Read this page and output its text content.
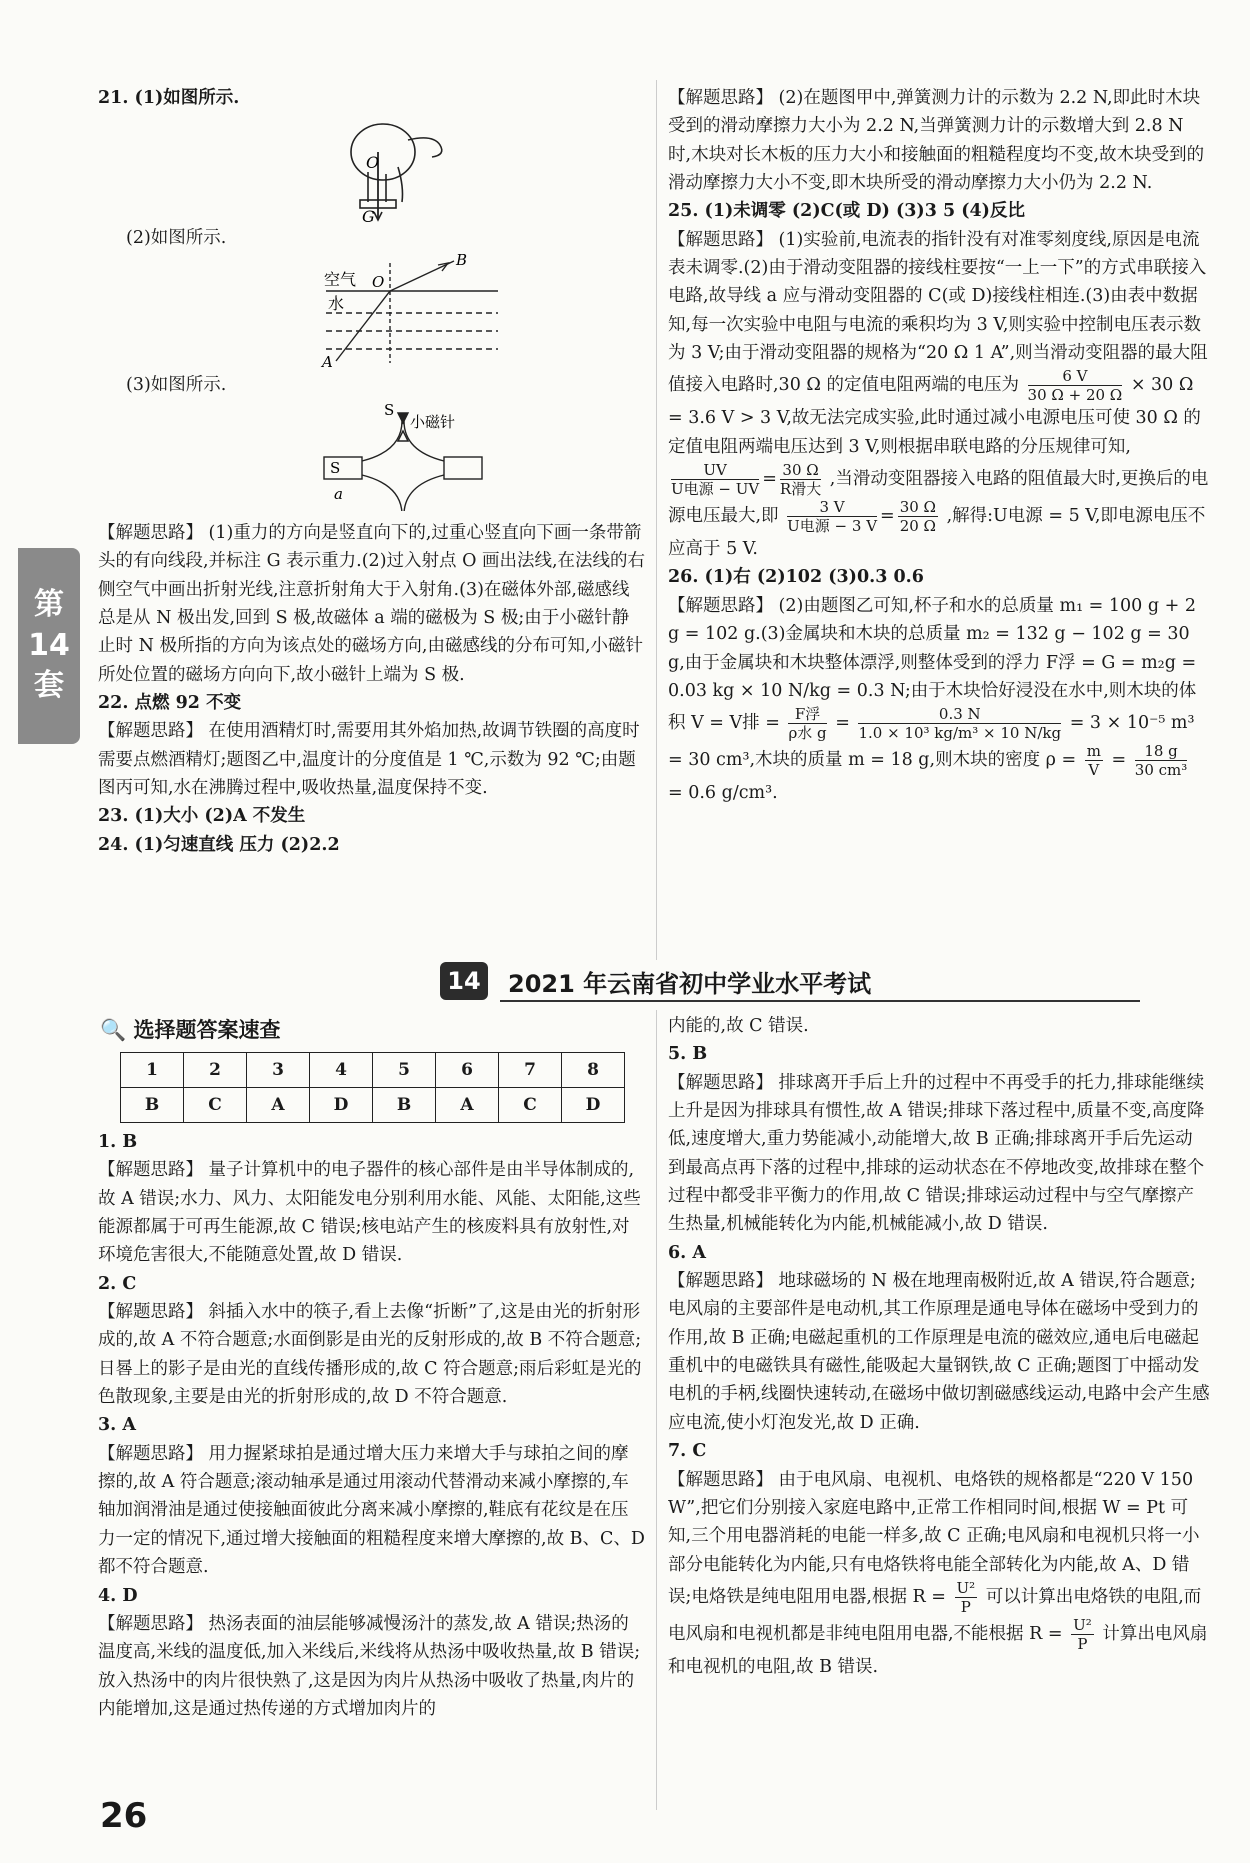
第
14
套

21. (1)如图所示.

O
G

(2)如图所示.

空气
水
O
B
A

(3)如图所示.

S
小磁针
S
a

【解题思路】 (1)重力的方向是竖直向下的,过重心竖直向下画一条带箭头的有向线段,并标注 G 表示重力.(2)过入射点 O 画出法线,在法线的右侧空气中画出折射光线,注意折射角大于入射角.(3)在磁体外部,磁感线总是从 N 极出发,回到 S 极,故磁体 a 端的磁极为 S 极;由于小磁针静止时 N 极所指的方向为该点处的磁场方向,由磁感线的分布可知,小磁针所处位置的磁场方向向下,故小磁针上端为 S 极.

22. 点燃 92 不变

【解题思路】 在使用酒精灯时,需要用其外焰加热,故调节铁圈的高度时需要点燃酒精灯;题图乙中,温度计的分度值是 1 ℃,示数为 92 ℃;由题图丙可知,水在沸腾过程中,吸收热量,温度保持不变.

23. (1)大小 (2)A 不发生

24. (1)匀速直线 压力 (2)2.2

【解题思路】 (2)在题图甲中,弹簧测力计的示数为 2.2 N,即此时木块受到的滑动摩擦力大小为 2.2 N,当弹簧测力计的示数增大到 2.8 N 时,木块对长木板的压力大小和接触面的粗糙程度均不变,故木块受到的滑动摩擦力大小不变,即木块所受的滑动摩擦力大小仍为 2.2 N.

25. (1)未调零 (2)C(或 D) (3)3 5 (4)反比

【解题思路】 (1)实验前,电流表的指针没有对准零刻度线,原因是电流表未调零.(2)由于滑动变阻器的接线柱要按“一上一下”的方式串联接入电路,故导线 a 应与滑动变阻器的 C(或 D)接线柱相连.(3)由表中数据知,每一次实验中电阻与电流的乘积均为 3 V,则实验中控制电压表示数为 3 V;由于滑动变阻器的规格为“20 Ω 1 A”,则当滑动变阻器的最大阻值接入电路时,30 Ω 的定值电阻两端的电压为 $\frac{6 V}{30 \Omega + 20 \Omega} \times 30$ Ω = 3.6 V > 3 V,故无法完成实验,此时通过减小电源电压可使 30 Ω 的定值电阻两端电压达到 3 V,则根据串联电路的分压规律可知,
$\frac{UV}{\text{U电源 − UV}} = \frac{30 \Omega}{\text{R滑大}}$ ,当滑动变阻器接入电路的阻值最大时,更换后的电源电压最大,即 $\frac{3 V}{\text{U电源 − 3 V}} = \frac{30 \Omega}{20 \Omega}$ ,解得:U电源 = 5 V,即电源电压不应高于 5 V.

26. (1)右 (2)102 (3)0.3 0.6

【解题思路】 (2)由题图乙可知,杯子和水的总质量 m₁ = 100 g + 2 g = 102 g.(3)金属块和木块的总质量 m₂ = 132 g − 102 g = 30 g,由于金属块和木块整体漂浮,则整体受到的浮力 F浮 = G = m₂g = 0.03 kg × 10 N/kg = 0.3 N;由于木块恰好浸没在水中,则木块的体积 V = V排 = $\frac{\text{F浮}}{\text{ρ水 g}} = \frac{0.3 N}{\text{1.0 × 10³ kg/m³ × 10 N/kg}} = 3 \times 10^{-5}$ m³ = 30 cm³,木块的质量 m = 18 g,则木块的密度 $\rho = \frac{m}{V} = \frac{18 g}{\text{30 cm³}}$
= 0.6 g/cm³.

14	2021 年云南省初中学业水平考试
🔍 选择题答案速查
1	2	3	4	5	6	7	8
B	C	A	D	B	A	C	D

1. B

【解题思路】 量子计算机中的电子器件的核心部件是由半导体制成的,故 A 错误;水力、风力、太阳能发电分别利用水能、风能、太阳能,这些能源都属于可再生能源,故 C 错误;核电站产生的核废料具有放射性,对环境危害很大,不能随意处置,故 D 错误.

2. C

【解题思路】 斜插入水中的筷子,看上去像“折断”了,这是由光的折射形成的,故 A 不符合题意;水面倒影是由光的反射形成的,故 B 不符合题意;日晷上的影子是由光的直线传播形成的,故 C 符合题意;雨后彩虹是光的色散现象,主要是由光的折射形成的,故 D 不符合题意.

3. A

【解题思路】 用力握紧球拍是通过增大压力来增大手与球拍之间的摩擦的,故 A 符合题意;滚动轴承是通过用滚动代替滑动来减小摩擦的,车轴加润滑油是通过使接触面彼此分离来减小摩擦的,鞋底有花纹是在压力一定的情况下,通过增大接触面的粗糙程度来增大摩擦的,故 B、C、D 都不符合题意.

4. D

【解题思路】 热汤表面的油层能够减慢汤汁的蒸发,故 A 错误;热汤的温度高,米线的温度低,加入米线后,米线将从热汤中吸收热量,故 B 错误;放入热汤中的肉片很快熟了,这是因为肉片从热汤中吸收了热量,肉片的内能增加,这是通过热传递的方式增加肉片的

内能的,故 C 错误.

5. B

【解题思路】 排球离开手后上升的过程中不再受手的托力,排球能继续上升是因为排球具有惯性,故 A 错误;排球下落过程中,质量不变,高度降低,速度增大,重力势能减小,动能增大,故 B 正确;排球离开手后先运动到最高点再下落的过程中,排球的运动状态在不停地改变,故排球在整个过程中都受非平衡力的作用,故 C 错误;排球运动过程中与空气摩擦产生热量,机械能转化为内能,机械能减小,故 D 错误.

6. A

【解题思路】 地球磁场的 N 极在地理南极附近,故 A 错误,符合题意;电风扇的主要部件是电动机,其工作原理是通电导体在磁场中受到力的作用,故 B 正确;电磁起重机的工作原理是电流的磁效应,通电后电磁起重机中的电磁铁具有磁性,能吸起大量钢铁,故 C 正确;题图丁中摇动发电机的手柄,线圈快速转动,在磁场中做切割磁感线运动,电路中会产生感应电流,使小灯泡发光,故 D 正确.

7. C

【解题思路】 由于电风扇、电视机、电烙铁的规格都是“220 V 150 W”,把它们分别接入家庭电路中,正常工作相同时间,根据 W = Pt 可知,三个用电器消耗的电能一样多,故 C 正确;电风扇和电视机只将一小部分电能转化为内能,只有电烙铁将电能全部转化为内能,故 A、D 错误;电烙铁是纯电阻用电器,根据 $R = \frac{\text{U²}}{P}$ 可以计算出电烙铁的电阻,而电风扇和电视机都是非纯电阻用电器,不能根据 $R = \frac{\text{U²}}{P}$ 计算出电风扇和电视机的电阻,故 B 错误.

26
